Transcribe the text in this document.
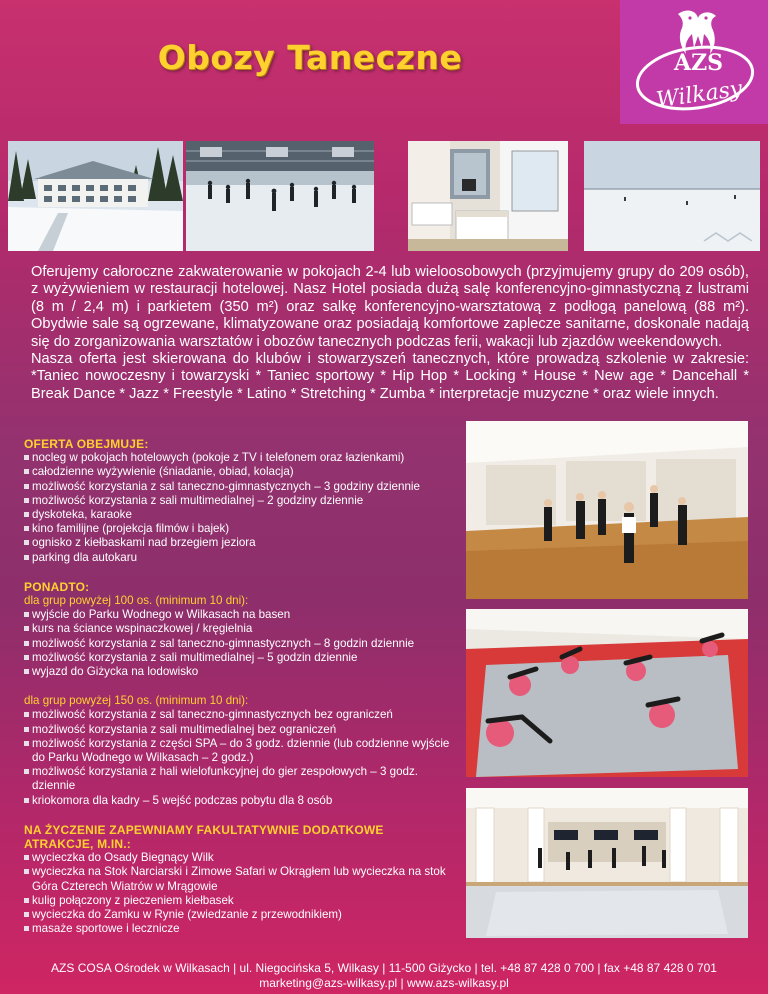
Obozy Taneczne	AZS
Wilkasy

Oferujemy całoroczne zakwaterowanie w pokojach 2-4 lub wieloosobowych (przyjmujemy grupy do 209 osób), z wyżywieniem w restauracji hotelowej. Nasz Hotel posiada dużą salę konferencyjno-gimnastyczną z lustrami (8 m / 2,4 m) i parkietem (350 m²) oraz salkę konferencyjno-warsztatową z podłogą panelową (88 m²). Obydwie sale są ogrzewane, klimatyzowane oraz posiadają komfortowe zaplecze sanitarne, doskonale nadają się do zorganizowania warsztatów i obozów tanecznych podczas ferii, wakacji lub zjazdów weekendowych.

Nasza oferta jest skierowana do klubów i stowarzyszeń tanecznych, które prowadzą szkolenie w zakresie: *Taniec nowoczesny i towarzyski * Taniec sportowy * Hip Hop * Locking * House * New age * Dancehall * Break Dance * Jazz * Freestyle * Latino * Stretching * Zumba * interpretacje muzyczne * oraz wiele innych.

OFERTA OBEJMUJE:
nocleg w pokojach hotelowych (pokoje z TV i telefonem oraz łazienkami)
całodzienne wyżywienie (śniadanie, obiad, kolacja)
możliwość korzystania z sal taneczno-gimnastycznych – 3 godziny dziennie
możliwość korzystania z sali multimedialnej – 2 godziny dziennie
dyskoteka, karaoke
kino familijne (projekcja filmów i bajek)
ognisko z kiełbaskami nad brzegiem jeziora
parking dla autokaru
PONADTO:
dla grup powyżej 100 os. (minimum 10 dni):
wyjście do Parku Wodnego w Wilkasach na basen
kurs na ściance wspinaczkowej / kręgielnia
możliwość korzystania z sal taneczno-gimnastycznych – 8 godzin dziennie
możliwość korzystania z sali multimedialnej – 5 godzin dziennie
wyjazd do Giżycka na lodowisko
dla grup powyżej 150 os. (minimum 10 dni):
możliwość korzystania z sal taneczno-gimnastycznych bez ograniczeń
możliwość korzystania z sali multimedialnej bez ograniczeń
możliwość korzystania z części SPA – do 3 godz. dziennie (lub codzienne wyjście do Parku Wodnego w Wilkasach – 2 godz.)
możliwość korzystania z hali wielofunkcyjnej do gier zespołowych – 3 godz. dziennie
kriokomora dla kadry – 5 wejść podczas pobytu dla 8 osób
NA ŻYCZENIE ZAPEWNIAMY FAKULTATYWNIE DODATKOWE ATRAKCJE, M.IN.:
wycieczka do Osady Biegnący Wilk
wycieczka na Stok Narciarski i Zimowe Safari w Okrągłem lub wycieczka na stok Góra Czterech Wiatrów w Mrągowie
kulig połączony z pieczeniem kiełbasek
wycieczka do Zamku w Rynie (zwiedzanie z przewodnikiem)
masaże sportowe i lecznicze
AZS COSA Ośrodek w Wilkasach | ul. Niegocińska 5, Wilkasy | 11-500 Giżycko | tel. +48 87 428 0 700 | fax +48 87 428 0 701
marketing@azs-wilkasy.pl | www.azs-wilkasy.pl
